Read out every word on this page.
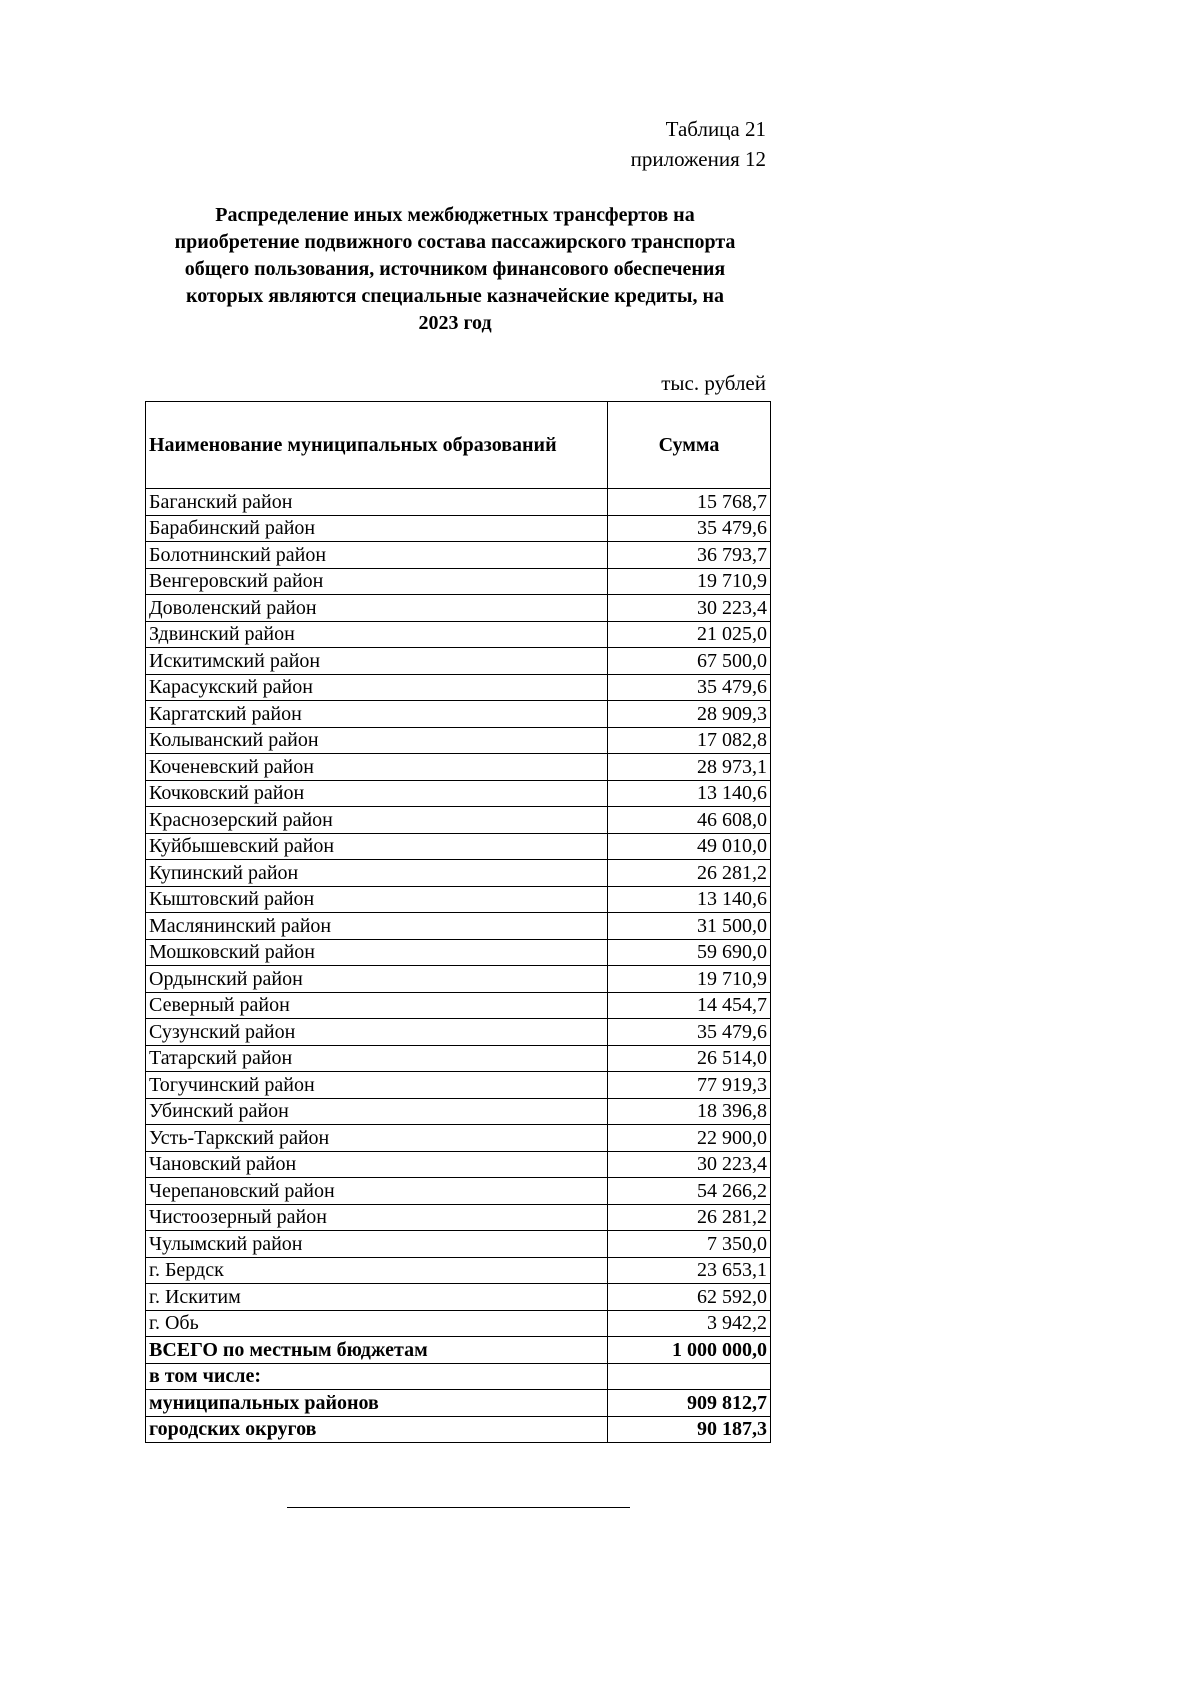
Таблица 21
приложения 12
Распределение иных межбюджетных трансфертов на
приобретение подвижного состава пассажирского транспорта
общего пользования, источником финансового обеспечения
которых являются специальные казначейские кредиты, на
2023 год
тыс. рублей
Наименование муниципальных образований	Сумма
Баганский район	15 768,7
Барабинский район	35 479,6
Болотнинский район	36 793,7
Венгеровский район	19 710,9
Доволенский район	30 223,4
Здвинский район	21 025,0
Искитимский район	67 500,0
Карасукский район	35 479,6
Каргатский район	28 909,3
Колыванский район	17 082,8
Коченевский район	28 973,1
Кочковский район	13 140,6
Краснозерский район	46 608,0
Куйбышевский район	49 010,0
Купинский район	26 281,2
Кыштовский район	13 140,6
Маслянинский район	31 500,0
Мошковский район	59 690,0
Ордынский район	19 710,9
Северный район	14 454,7
Сузунский район	35 479,6
Татарский район	26 514,0
Тогучинский район	77 919,3
Убинский район	18 396,8
Усть-Таркский район	22 900,0
Чановский район	30 223,4
Черепановский район	54 266,2
Чистоозерный район	26 281,2
Чулымский район	7 350,0
г. Бердск	23 653,1
г. Искитим	62 592,0
г. Обь	3 942,2
ВСЕГО по местным бюджетам	1 000 000,0
в том числе:	
муниципальных районов	909 812,7
городских округов	90 187,3
